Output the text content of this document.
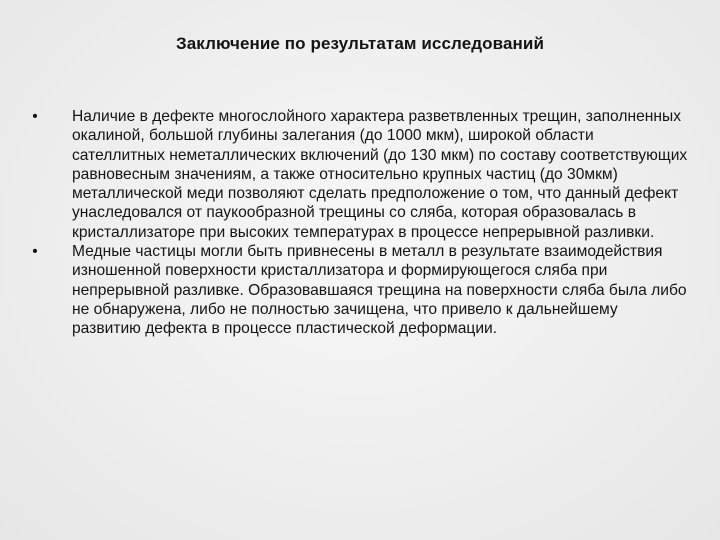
Заключение по результатам исследований
• Наличие в дефекте многослойного характера разветвленных трещин, заполненных окалиной, большой глубины залегания (до 1000 мкм), широкой области сателлитных неметаллических включений (до 130 мкм) по составу соответствующих равновесным значениям, а также относительно крупных частиц (до 30мкм) металлической меди позволяют сделать предположение о том, что данный дефект унаследовался от паукообразной трещины со сляба, которая образовалась в кристаллизаторе при высоких температурах в процессе непрерывной разливки.
• Медные частицы могли быть привнесены в металл в результате взаимодействия изношенной поверхности кристаллизатора и формирующегося сляба при непрерывной разливке. Образовавшаяся трещина на поверхности сляба была либо не обнаружена, либо не полностью зачищена, что привело к дальнейшему развитию дефекта в процессе пластической деформации.
